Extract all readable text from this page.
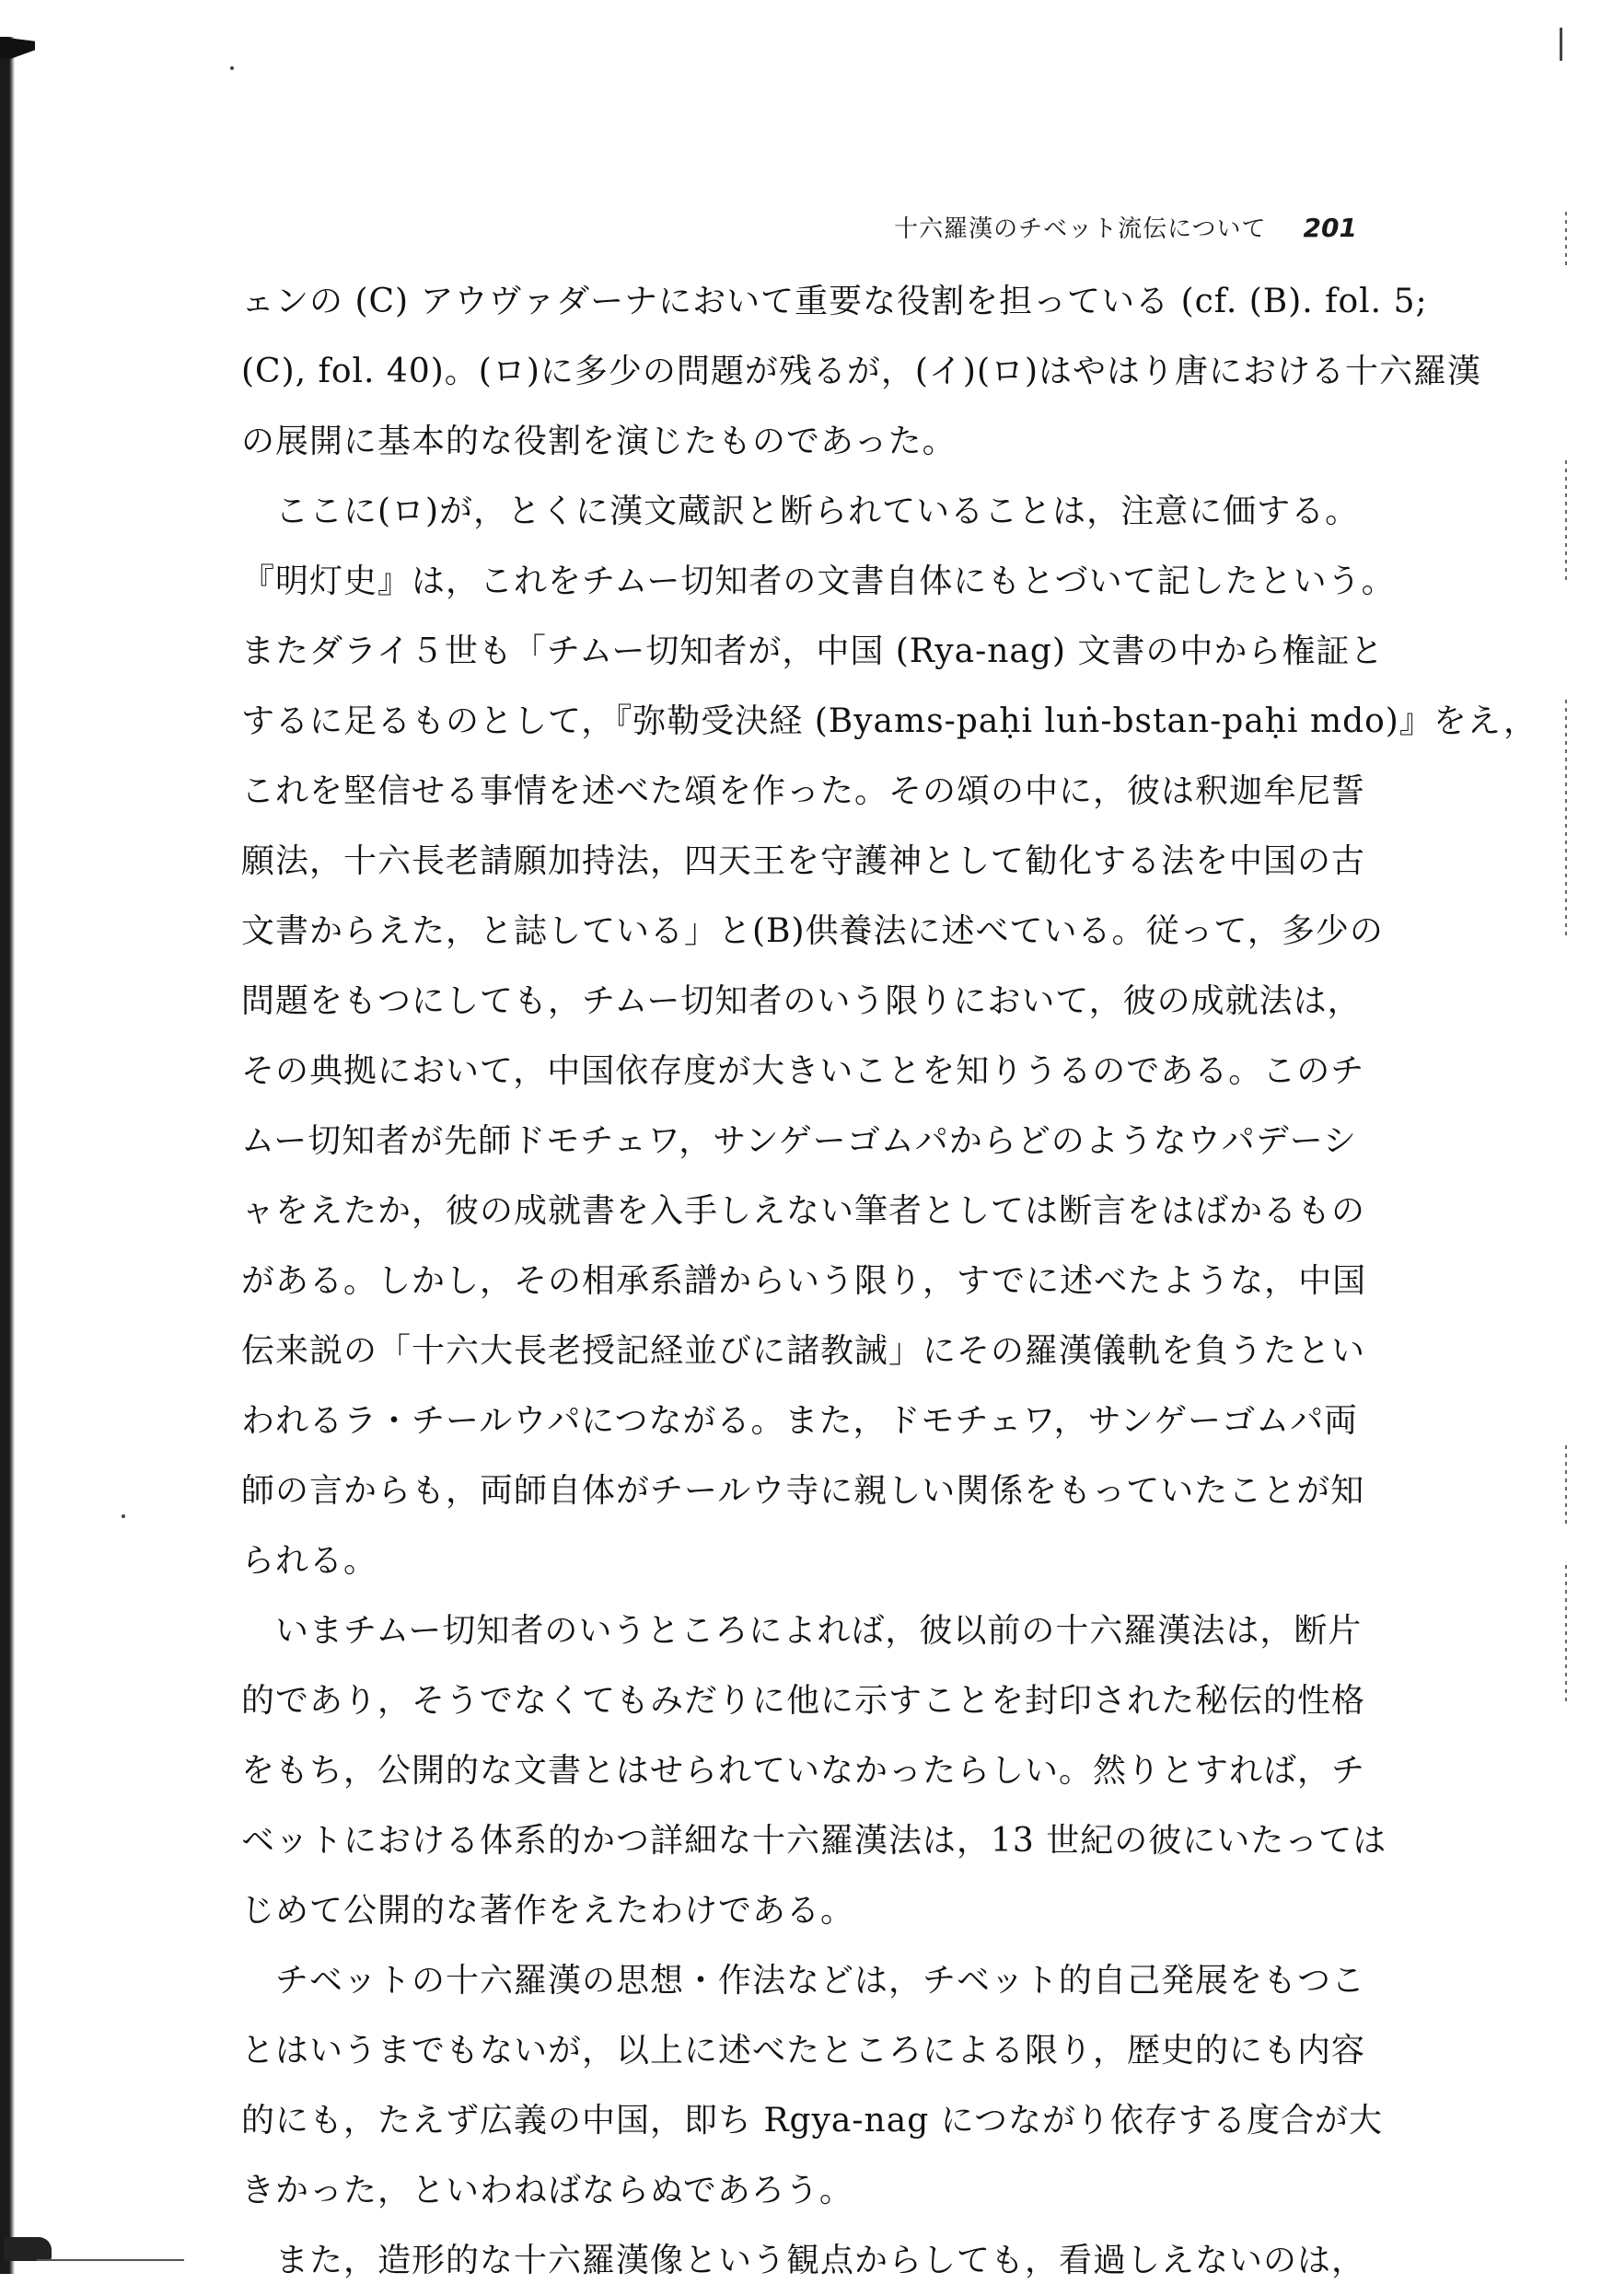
十六羅漢のチベット流伝について 201

ェンの (C) アウヴァダーナにおいて重要な役割を担っている (cf. (B). fol. 5;
(C), fol. 40)。(ロ)に多少の問題が残るが，(イ)(ロ)はやはり唐における十六羅漢
の展開に基本的な役割を演じたものであった。

　ここに(ロ)が，とくに漢文蔵訳と断られていることは，注意に価する。
『明灯史』は，これをチムー切知者の文書自体にもとづいて記したという。
またダライ５世も「チムー切知者が，中国 (Rya-nag) 文書の中から権証と
するに足るものとして，『弥勒受決経 (Byams-paḥi luṅ-bstan-paḥi mdo)』をえ，
これを堅信せる事情を述べた頌を作った。その頌の中に，彼は釈迦牟尼誓
願法，十六長老請願加持法，四天王を守護神として勧化する法を中国の古
文書からえた，と誌している」と(B)供養法に述べている。従って，多少の
問題をもつにしても，チムー切知者のいう限りにおいて，彼の成就法は，
その典拠において，中国依存度が大きいことを知りうるのである。このチ
ムー切知者が先師ドモチェワ，サンゲーゴムパからどのようなウパデーシ
ャをえたか，彼の成就書を入手しえない筆者としては断言をはばかるもの
がある。しかし，その相承系譜からいう限り，すでに述べたような，中国
伝来説の「十六大長老授記経並びに諸教誡」にその羅漢儀軌を負うたとい
われるラ・チールウパにつながる。また，ドモチェワ，サンゲーゴムパ両
師の言からも，両師自体がチールウ寺に親しい関係をもっていたことが知
られる。

　いまチムー切知者のいうところによれば，彼以前の十六羅漢法は，断片
的であり，そうでなくてもみだりに他に示すことを封印された秘伝的性格
をもち，公開的な文書とはせられていなかったらしい。然りとすれば，チ
ベットにおける体系的かつ詳細な十六羅漢法は，13 世紀の彼にいたっては
じめて公開的な著作をえたわけである。

　チベットの十六羅漢の思想・作法などは，チベット的自己発展をもつこ
とはいうまでもないが，以上に述べたところによる限り，歴史的にも内容
的にも，たえず広義の中国，即ち Rgya-nag につながり依存する度合が大
きかった，といわねばならぬであろう。

　また，造形的な十六羅漢像という観点からしても，看過しえないのは，
